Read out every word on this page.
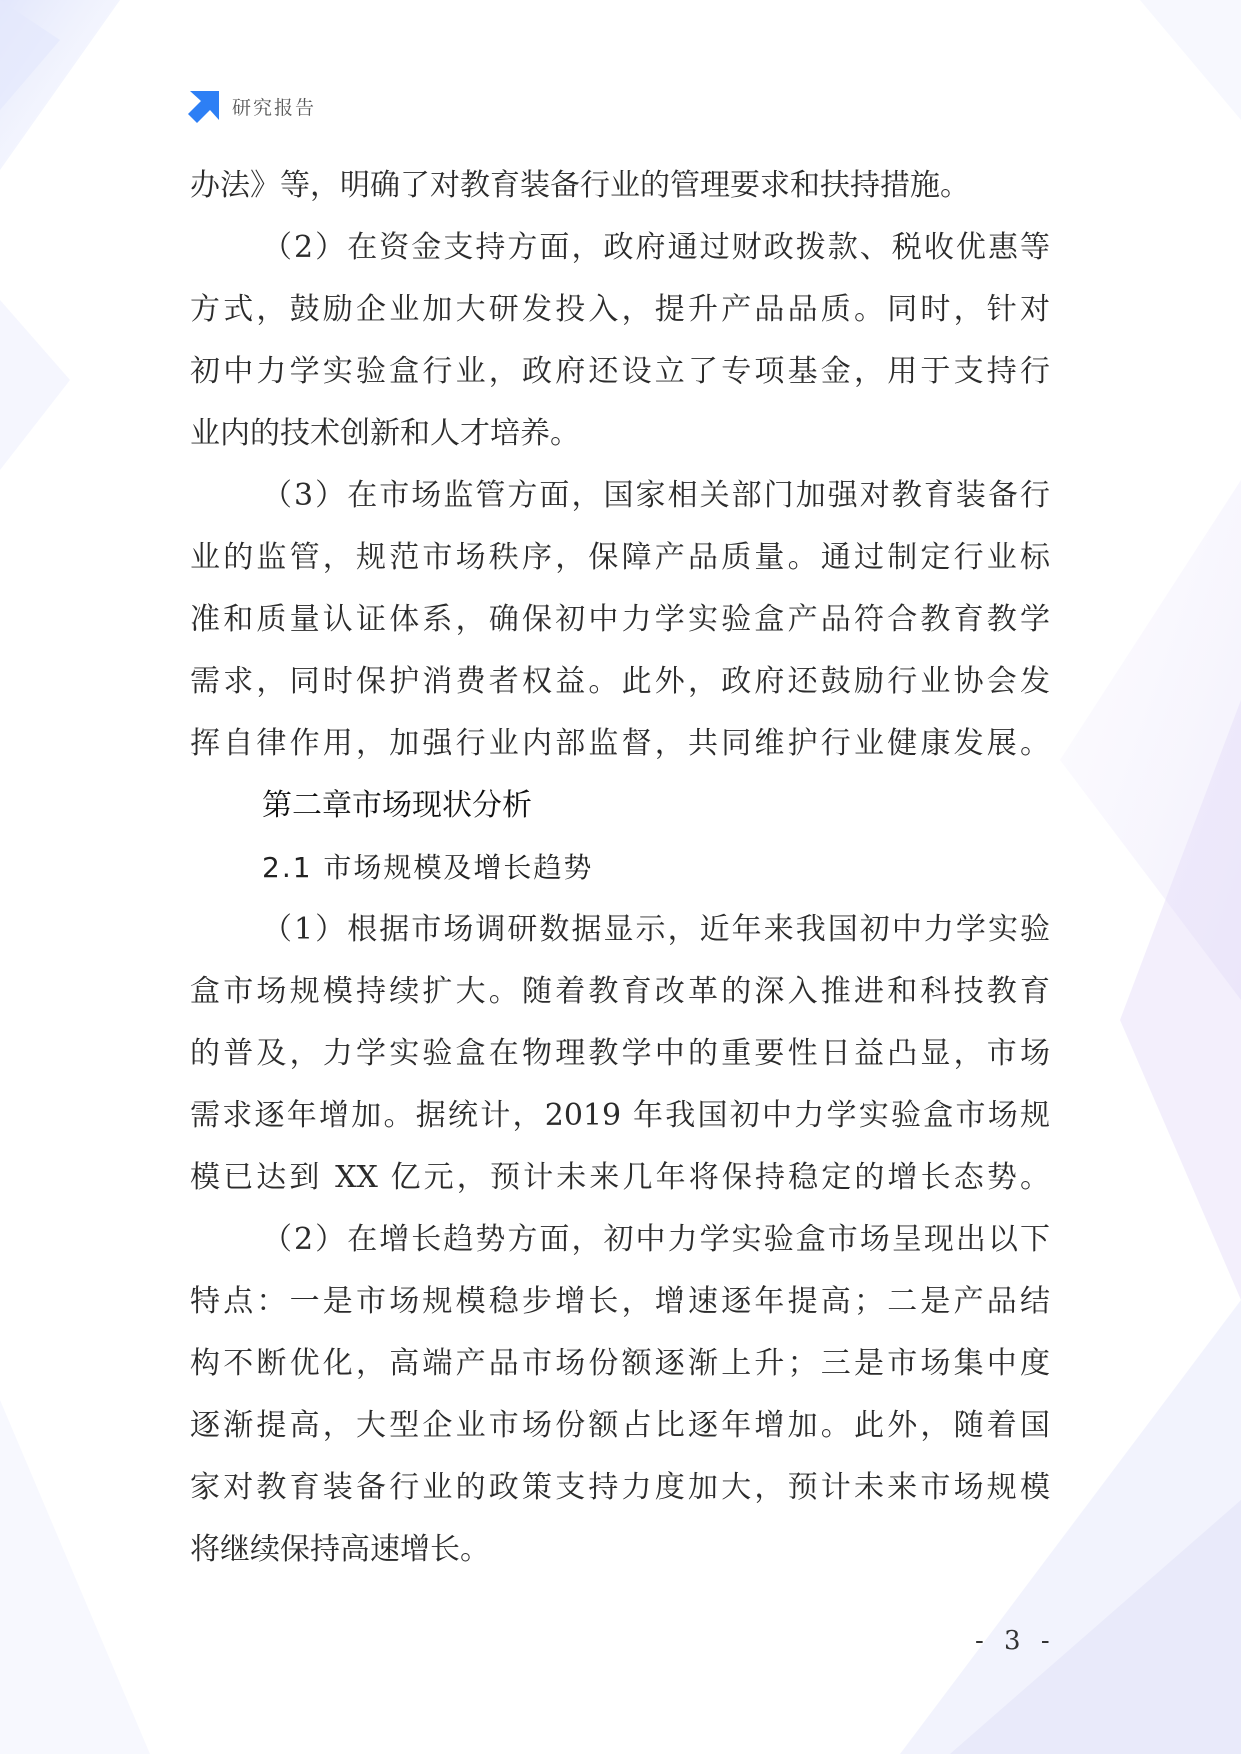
研究报告
办法》等，明确了对教育装备行业的管理要求和扶持措施。
（2）在资金支持方面，政府通过财政拨款、税收优惠等
方式，鼓励企业加大研发投入，提升产品品质。同时，针对
初中力学实验盒行业，政府还设立了专项基金，用于支持行
业内的技术创新和人才培养。
（3）在市场监管方面，国家相关部门加强对教育装备行
业的监管，规范市场秩序，保障产品质量。通过制定行业标
准和质量认证体系，确保初中力学实验盒产品符合教育教学
需求，同时保护消费者权益。此外，政府还鼓励行业协会发
挥自律作用，加强行业内部监督，共同维护行业健康发展。
第二章市场现状分析
2.1 市场规模及增长趋势
（1）根据市场调研数据显示，近年来我国初中力学实验
盒市场规模持续扩大。随着教育改革的深入推进和科技教育
的普及，力学实验盒在物理教学中的重要性日益凸显，市场
需求逐年增加。据统计，2019 年我国初中力学实验盒市场规
模已达到 XX 亿元，预计未来几年将保持稳定的增长态势。
（2）在增长趋势方面，初中力学实验盒市场呈现出以下
特点：一是市场规模稳步增长，增速逐年提高；二是产品结
构不断优化，高端产品市场份额逐渐上升；三是市场集中度
逐渐提高，大型企业市场份额占比逐年增加。此外，随着国
家对教育装备行业的政策支持力度加大，预计未来市场规模
将继续保持高速增长。
- 3 -
